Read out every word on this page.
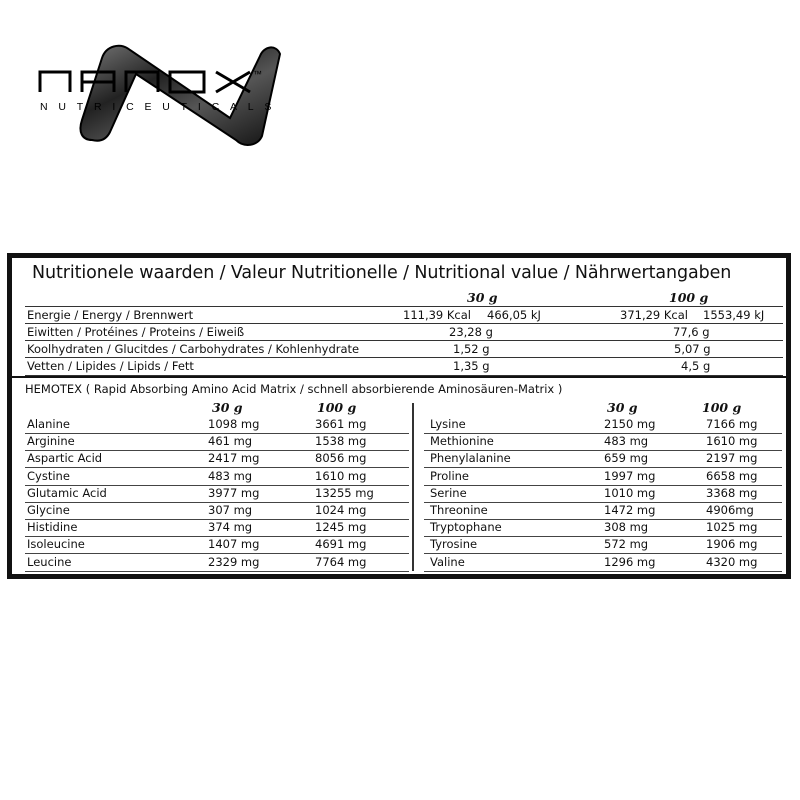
™
NUTRICEUTICALS
Nutritionele waarden / Valeur Nutritionelle / Nutritional value / Nährwertangaben
30 g	100 g
Energie / Energy / Brennwert	111,39 Kcal 466,05 kJ	371,29 Kcal 1553,49 kJ
Eiwitten / Protéines / Proteins / Eiweiß	23,28 g	77,6 g
Koolhydraten / Glucitdes / Carbohydrates / Kohlenhydrate	1,52 g	5,07 g
Vetten / Lipides / Lipids / Fett	1,35 g	4,5 g
HEMOTEX ( Rapid Absorbing Amino Acid Matrix / schnell absorbierende Aminosäuren-Matrix )
30 g	100 g	30 g	100 g
Alanine	1098 mg	3661 mg
Arginine	461 mg	1538 mg
Aspartic Acid	2417 mg	8056 mg
Cystine	483 mg	1610 mg
Glutamic Acid	3977 mg	13255 mg
Glycine	307 mg	1024 mg
Histidine	374 mg	1245 mg
Isoleucine	1407 mg	4691 mg
Leucine	2329 mg	7764 mg
Lysine	2150 mg	7166 mg
Methionine	483 mg	1610 mg
Phenylalanine	659 mg	2197 mg
Proline	1997 mg	6658 mg
Serine	1010 mg	3368 mg
Threonine	1472 mg	4906mg
Tryptophane	308 mg	1025 mg
Tyrosine	572 mg	1906 mg
Valine	1296 mg	4320 mg
